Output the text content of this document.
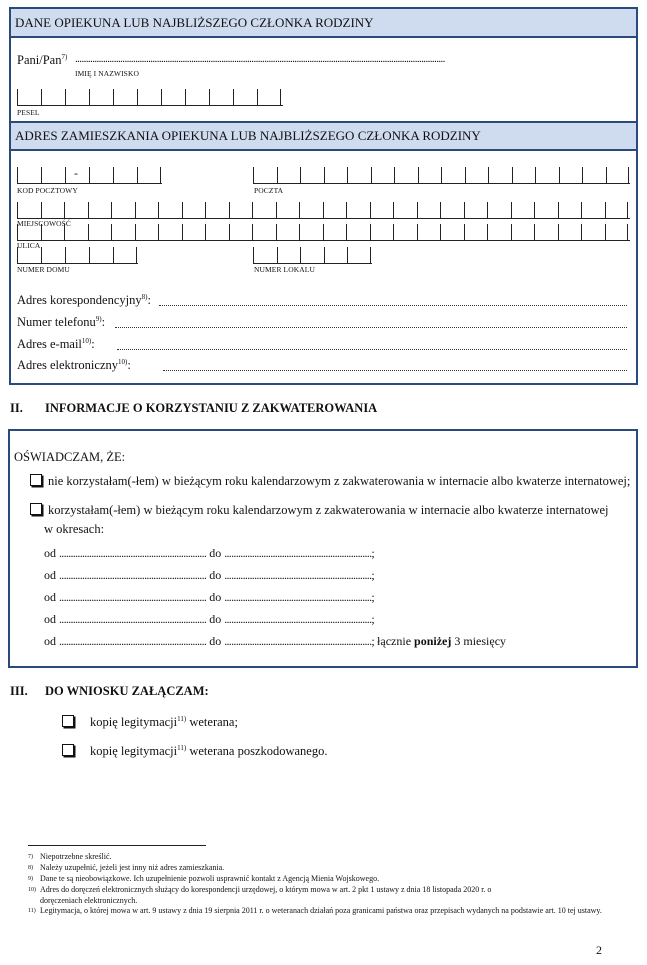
DANE OPIEKUNA LUB NAJBLIŻSZEGO CZŁONKA RODZINY
Pani/Pan$^{7)}$ ............................................................................................................................................................................
IMIĘ I NAZWISKO
PESEL
ADRES ZAMIESZKANIA OPIEKUNA LUB NAJBLIŻSZEGO CZŁONKA RODZINY
-
KOD POCZTOWY	POCZTA
MIEJSCOWOŚĆ
ULICA
NUMER DOMU	NUMER LOKALU
Adres korespondencyjny$^{8)}$:
Numer telefonu$^{9)}$:
Adres e-mail$^{10)}$:
Adres elektroniczny$^{10)}$:
II. INFORMACJE O KORZYSTANIU Z ZAKWATEROWANIA
OŚWIADCZAM, ŻE:
nie korzystałam(-łem) w bieżącym roku kalendarzowym z zakwaterowania w internacie albo kwaterze internatowej;
korzystałam(-łem) w bieżącym roku kalendarzowym z zakwaterowania w internacie albo kwaterze internatowej
w okresach:
od ................................................................ do ................................................................;
od ................................................................ do ................................................................;
od ................................................................ do ................................................................;
od ................................................................ do ................................................................;
od ................................................................ do ................................................................; łącznie poniżej 3 miesięcy
III. DO WNIOSKU ZAŁĄCZAM:
kopię legitymacji$^{11)}$ weterana;
kopię legitymacji$^{11)}$ weterana poszkodowanego.
7) Niepotrzebne skreślić.
8) Należy uzupełnić, jeżeli jest inny niż adres zamieszkania.
9) Dane te są nieobowiązkowe. Ich uzupełnienie pozwoli usprawnić kontakt z Agencją Mienia Wojskowego.
10) Adres do doręczeń elektronicznych służący do korespondencji urzędowej, o którym mowa w art. 2 pkt 1 ustawy z dnia 18 listopada 2020 r. o doręczeniach elektronicznych.
11) Legitymacja, o której mowa w art. 9 ustawy z dnia 19 sierpnia 2011 r. o weteranach działań poza granicami państwa oraz przepisach wydanych na podstawie art. 10 tej ustawy.
2
